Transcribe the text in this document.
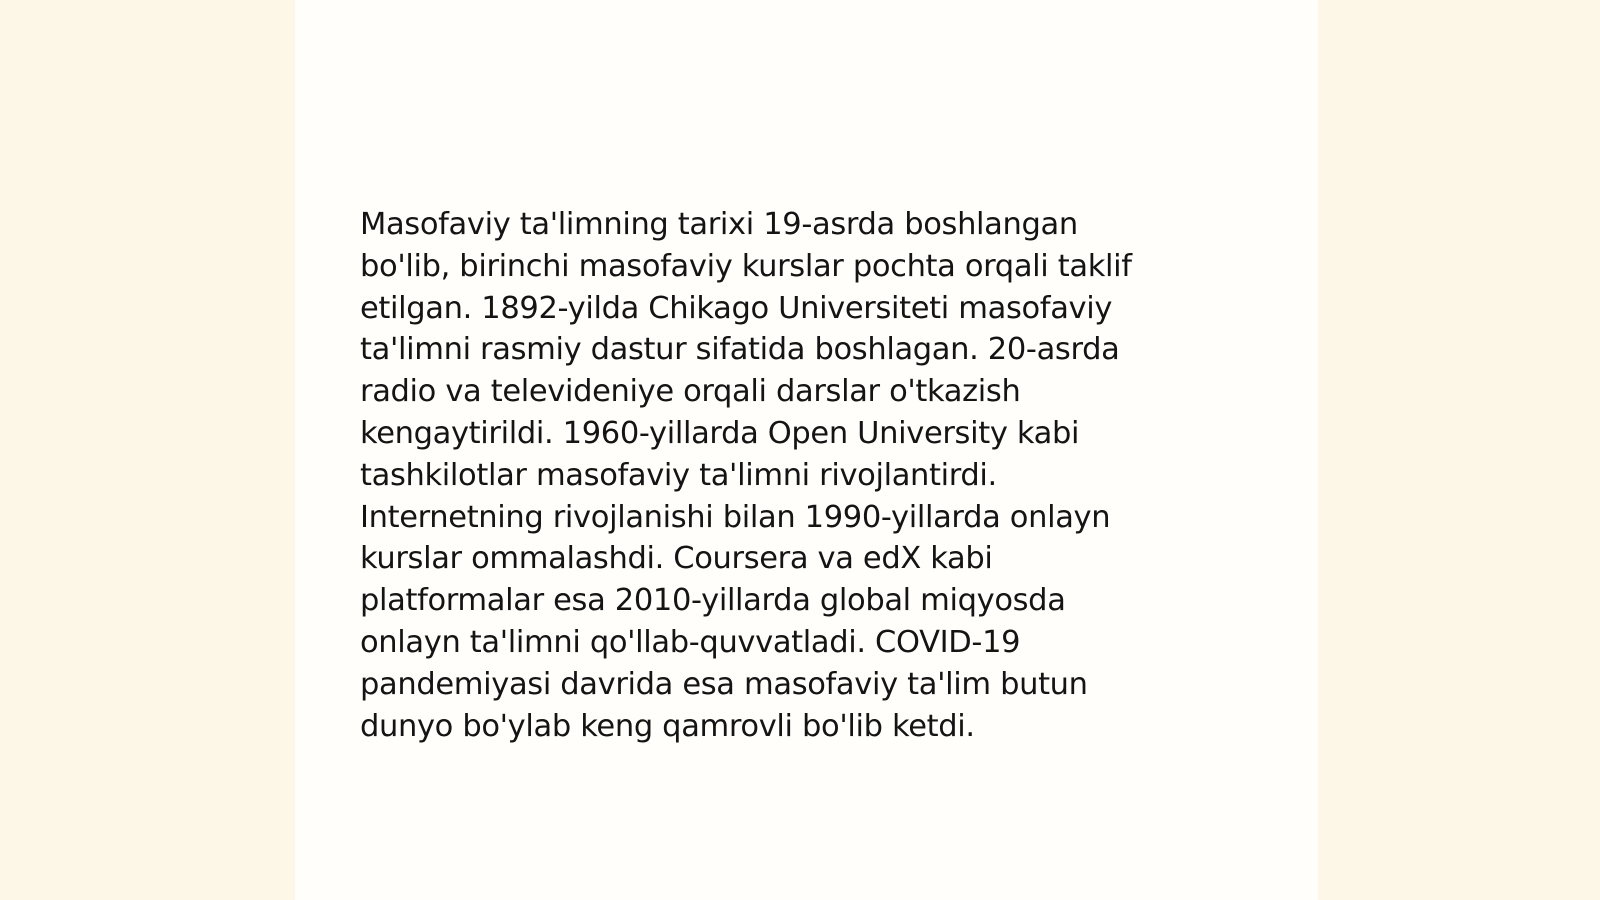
Masofaviy ta'limning tarixi 19-asrda boshlangan
bo'lib, birinchi masofaviy kurslar pochta orqali taklif
etilgan. 1892-yilda Chikago Universiteti masofaviy
ta'limni rasmiy dastur sifatida boshlagan. 20-asrda
radio va televideniye orqali darslar o'tkazish
kengaytirildi. 1960-yillarda Open University kabi
tashkilotlar masofaviy ta'limni rivojlantirdi.
Internetning rivojlanishi bilan 1990-yillarda onlayn
kurslar ommalashdi. Coursera va edX kabi
platformalar esa 2010-yillarda global miqyosda
onlayn ta'limni qo'llab-quvvatladi. COVID-19
pandemiyasi davrida esa masofaviy ta'lim butun
dunyo bo'ylab keng qamrovli bo'lib ketdi.
